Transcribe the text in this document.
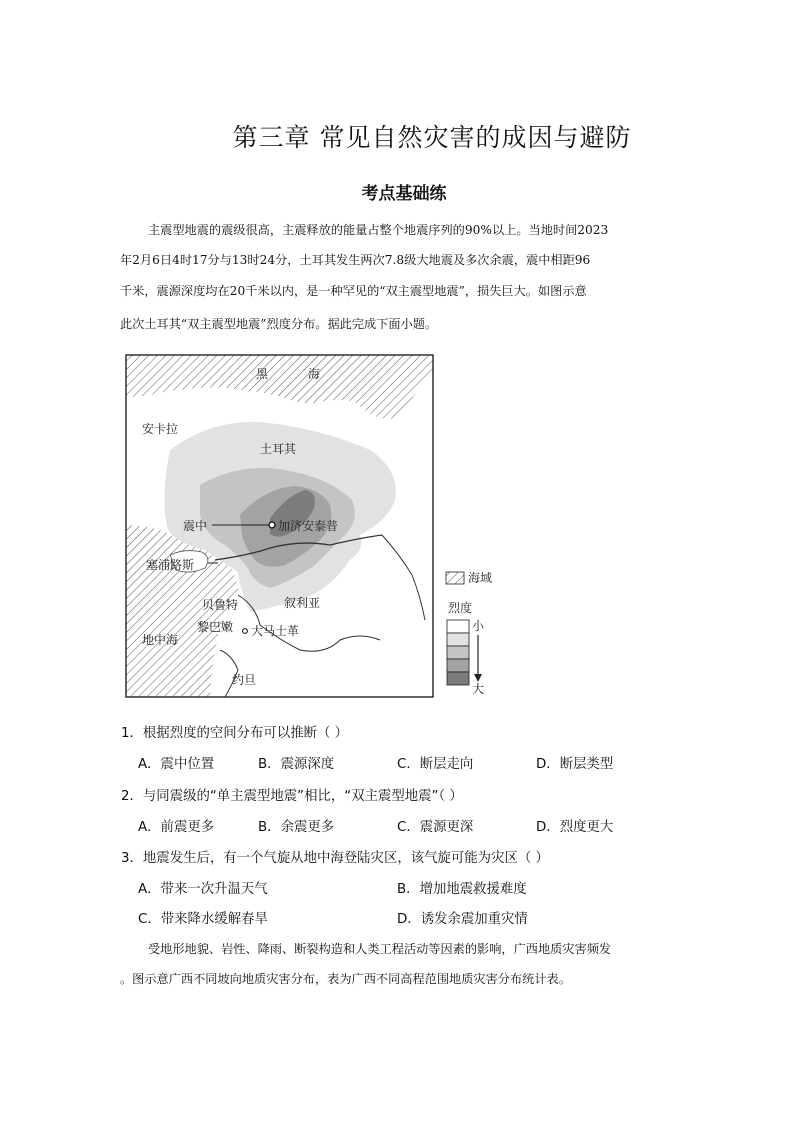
第三章 常见自然灾害的成因与避防
考点基础练
主震型地震的震级很高，主震释放的能量占整个地震序列的90%以上。当地时间2023
年2月6日4时17分与13时24分，土耳其发生两次7.8级大地震及多次余震，震中相距96
千米，震源深度均在20千米以内，是一种罕见的“双主震型地震”，损失巨大。如图示意
此次土耳其“双主震型地震”烈度分布。据此完成下面小题。
黑	海
安卡拉
土耳其
震中	加济安泰普
塞浦路斯
贝鲁特
黎巴嫩
地中海
叙利亚
大马士革
约旦
海域
烈度
小
大
1．根据烈度的空间分布可以推断（ ）
A．震中位置	B．震源深度	C．断层走向	D．断层类型
2．与同震级的“单主震型地震”相比，“双主震型地震”（ ）
A．前震更多	B．余震更多	C．震源更深	D．烈度更大
3．地震发生后，有一个气旋从地中海登陆灾区，该气旋可能为灾区（ ）
A．带来一次升温天气	B．增加地震救援难度
C．带来降水缓解春旱	D．诱发余震加重灾情
受地形地貌、岩性、降雨、断裂构造和人类工程活动等因素的影响，广西地质灾害频发
。图示意广西不同坡向地质灾害分布，表为广西不同高程范围地质灾害分布统计表。
